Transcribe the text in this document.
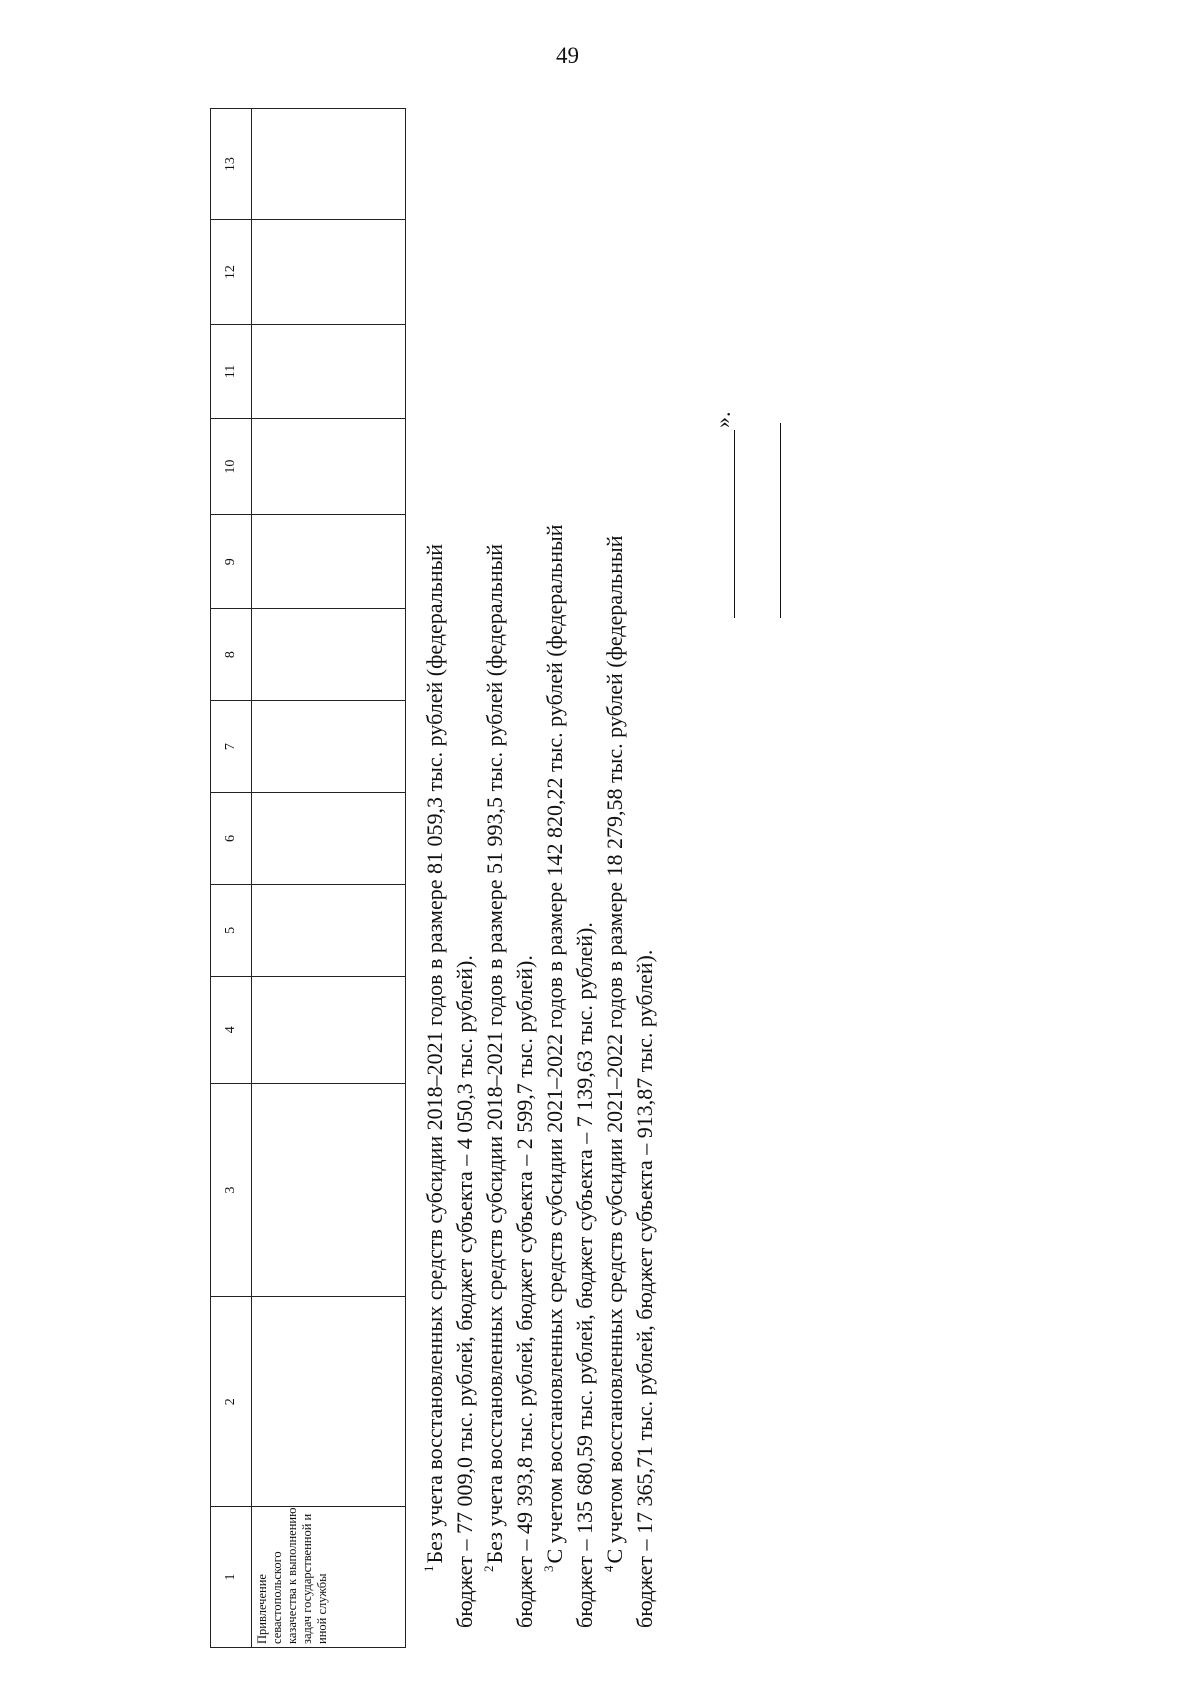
49
1	2	3	4	5	6	7	8	9	10	11	12	13
Привлечение севастопольского казачества к выполнению задач государственной и иной службы												

$^1$Без учета восстановленных средств субсидии 2018–2021 годов в размере 81 059,3 тыс. рублей (федеральный бюджет – 77 009,0 тыс. рублей, бюджет субъекта – 4 050,3 тыс. рублей). $^2$Без учета восстановленных средств субсидии 2018–2021 годов в размере 51 993,5 тыс. рублей (федеральный бюджет – 49 393,8 тыс. рублей, бюджет субъекта – 2 599,7 тыс. рублей). $^3$С учетом восстановленных средств субсидии 2021–2022 годов в размере 142 820,22 тыс. рублей (федеральный бюджет – 135 680,59 тыс. рублей, бюджет субъекта – 7 139,63 тыс. рублей). $^4$С учетом восстановленных средств субсидии 2021–2022 годов в размере 18 279,58 тыс. рублей (федеральный бюджет – 17 365,71 тыс. рублей, бюджет субъекта – 913,87 тыс. рублей).

».
